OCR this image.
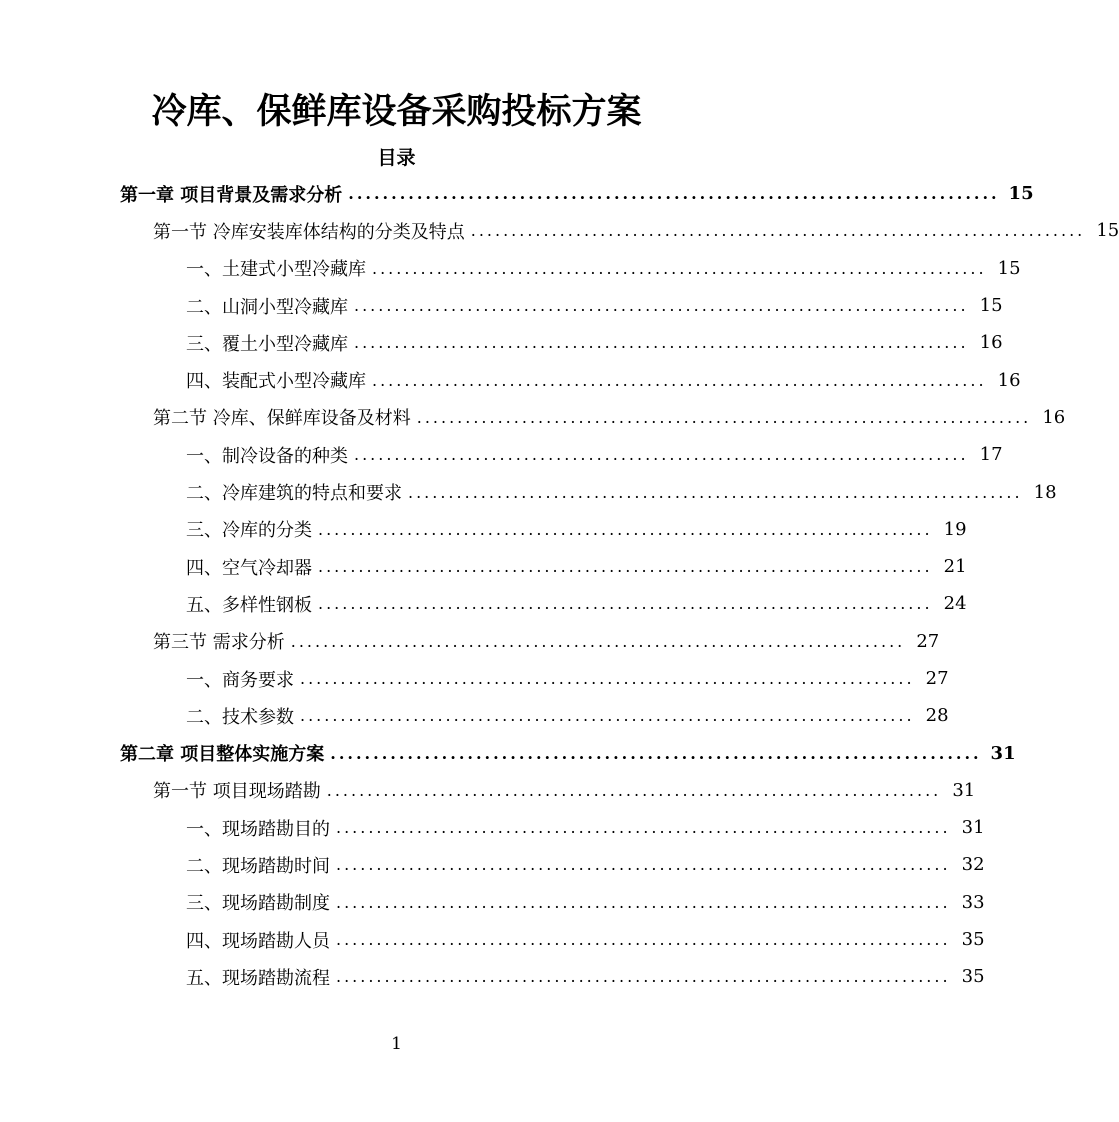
冷库、保鲜库设备采购投标方案
目录
第一章 项目背景及需求分析 ............................................................................ 15
第一节 冷库安装库体结构的分类及特点 ............................................................................ 15
一、土建式小型冷藏库 ............................................................................ 15
二、山洞小型冷藏库 ............................................................................ 15
三、覆土小型冷藏库 ............................................................................ 16
四、装配式小型冷藏库 ............................................................................ 16
第二节 冷库、保鲜库设备及材料 ............................................................................ 16
一、制冷设备的种类 ............................................................................ 17
二、冷库建筑的特点和要求 ............................................................................ 18
三、冷库的分类 ............................................................................ 19
四、空气冷却器 ............................................................................ 21
五、多样性钢板 ............................................................................ 24
第三节 需求分析 ............................................................................ 27
一、商务要求 ............................................................................ 27
二、技术参数 ............................................................................ 28
第二章 项目整体实施方案 ............................................................................ 31
第一节 项目现场踏勘 ............................................................................ 31
一、现场踏勘目的 ............................................................................ 31
二、现场踏勘时间 ............................................................................ 32
三、现场踏勘制度 ............................................................................ 33
四、现场踏勘人员 ............................................................................ 35
五、现场踏勘流程 ............................................................................ 35
1
